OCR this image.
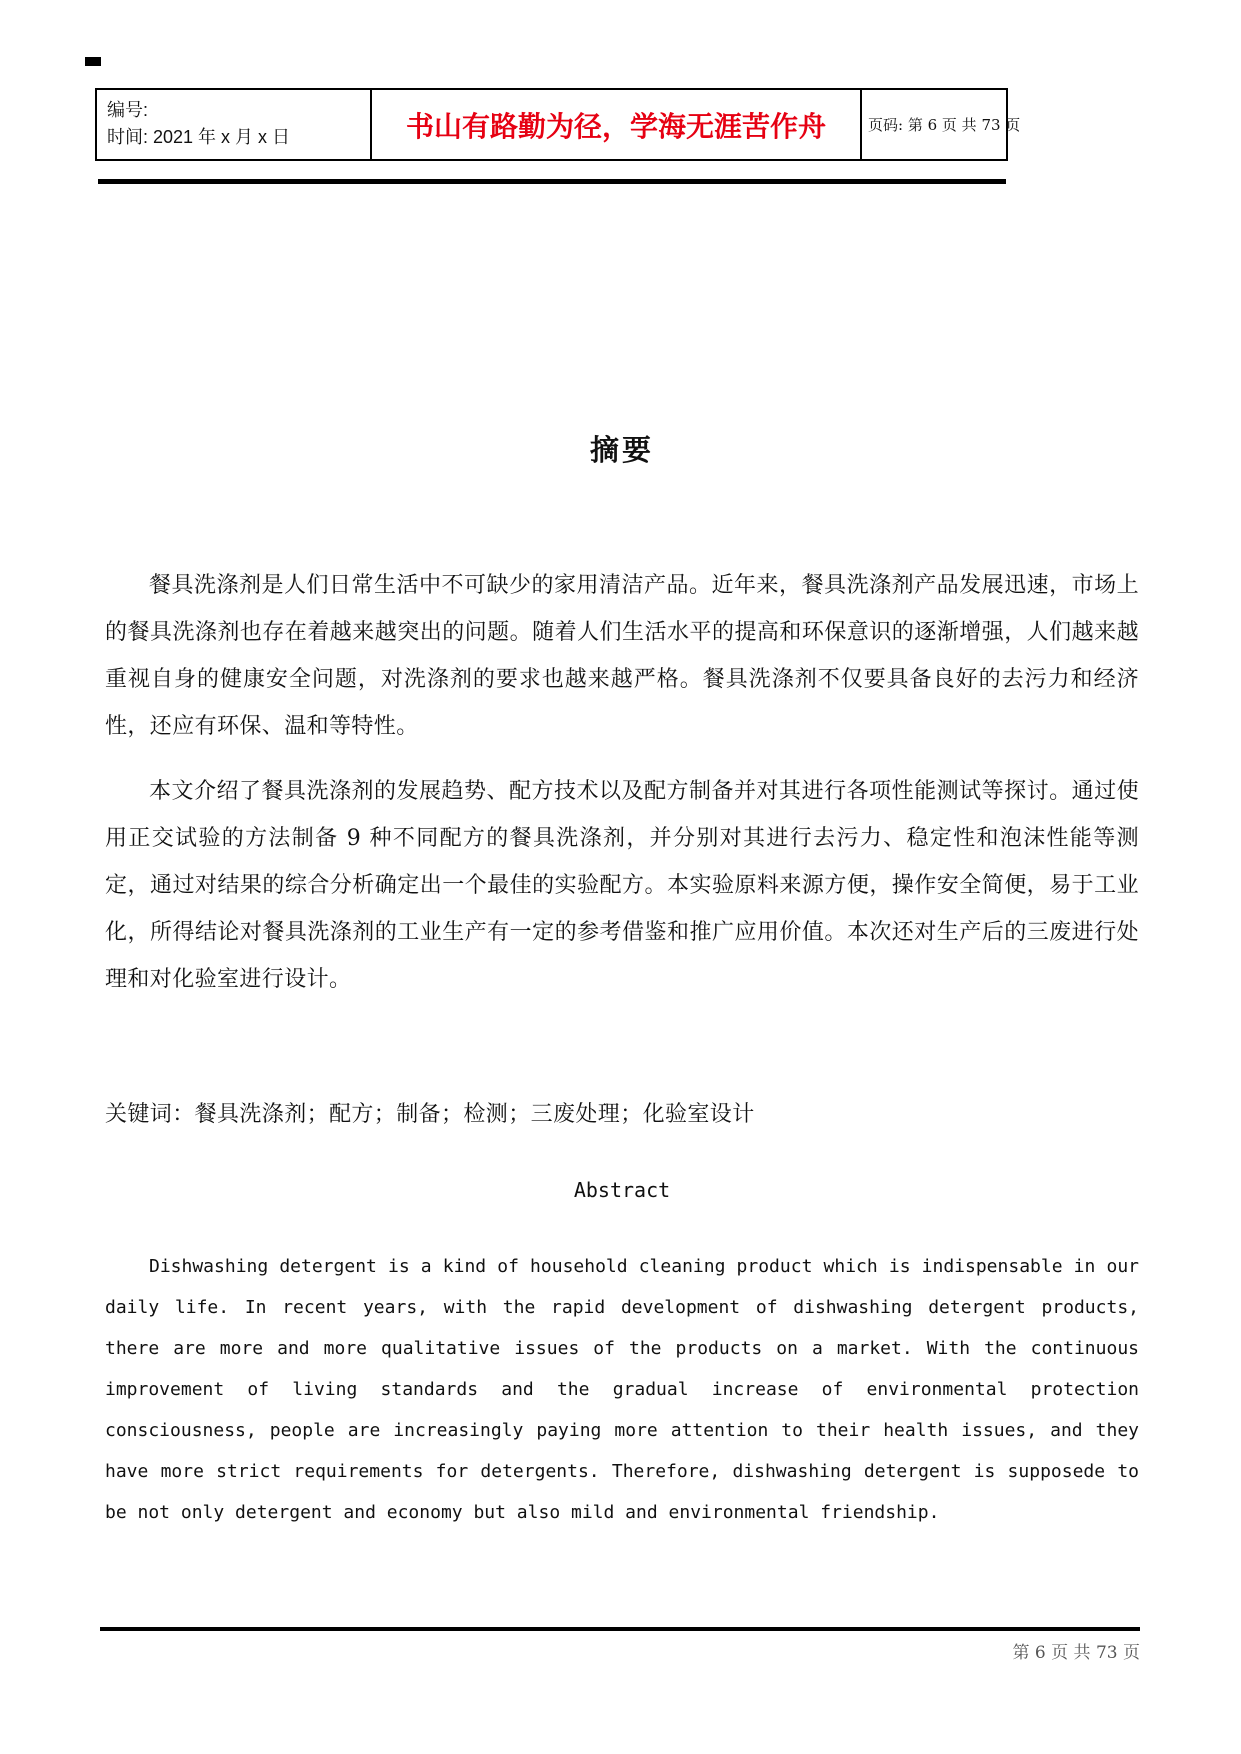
编号:
时间: 2021 年 x 月 x 日	书山有路勤为径，学海无涯苦作舟	页码: 第 6 页 共 73 页
摘要
餐具洗涤剂是人们日常生活中不可缺少的家用清洁产品。近年来，餐具洗涤剂产品发展迅速，市场上的餐具洗涤剂也存在着越来越突出的问题。随着人们生活水平的提高和环保意识的逐渐增强，人们越来越重视自身的健康安全问题，对洗涤剂的要求也越来越严格。餐具洗涤剂不仅要具备良好的去污力和经济性，还应有环保、温和等特性。
本文介绍了餐具洗涤剂的发展趋势、配方技术以及配方制备并对其进行各项性能测试等探讨。通过使用正交试验的方法制备 9 种不同配方的餐具洗涤剂，并分别对其进行去污力、稳定性和泡沫性能等测定，通过对结果的综合分析确定出一个最佳的实验配方。本实验原料来源方便，操作安全简便，易于工业化，所得结论对餐具洗涤剂的工业生产有一定的参考借鉴和推广应用价值。本次还对生产后的三废进行处理和对化验室进行设计。
关键词：餐具洗涤剂；配方；制备；检测；三废处理；化验室设计
Abstract
Dishwashing detergent is a kind of household cleaning product which is indispensable in our daily life. In recent years, with the rapid development of dishwashing detergent products, there are more and more qualitative issues of the products on a market. With the continuous improvement of living standards and the gradual increase of environmental protection consciousness, people are increasingly paying more attention to their health issues, and they have more strict requirements for detergents. Therefore, dishwashing detergent is supposede to be not only detergent and economy but also mild and environmental friendship.
第 6 页 共 73 页
